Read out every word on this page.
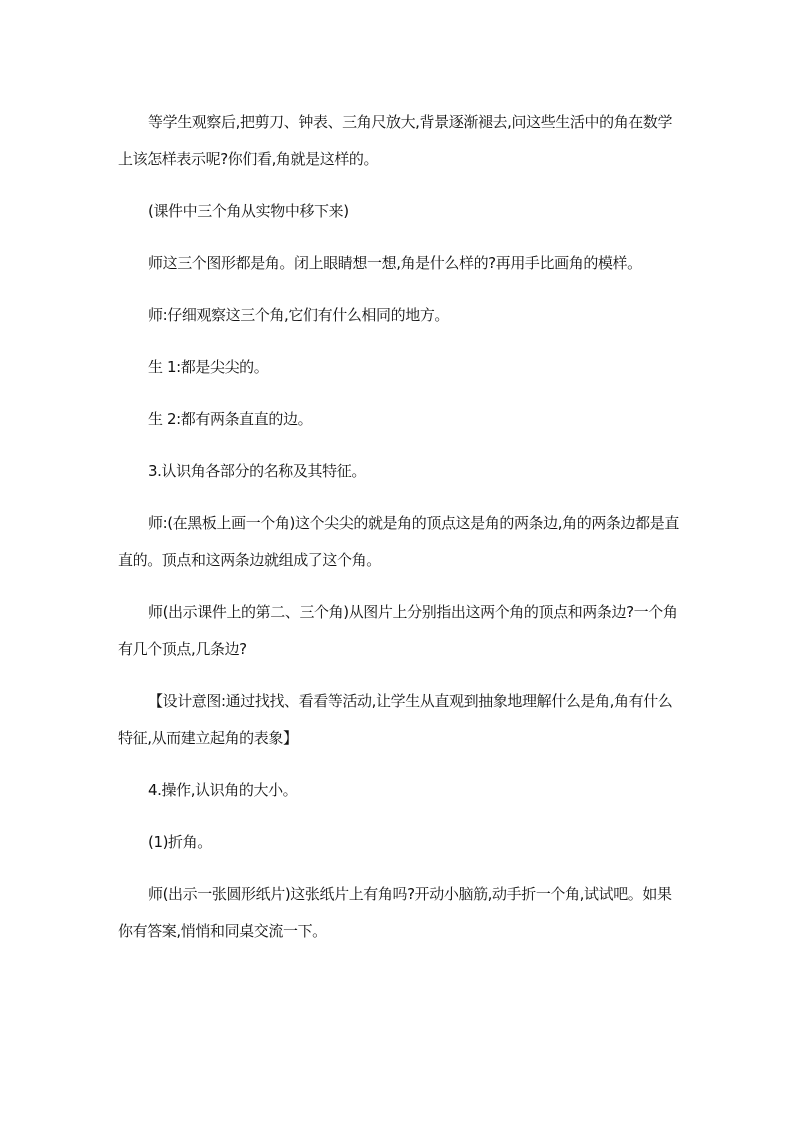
等学生观察后,把剪刀、钟表、三角尺放大,背景逐渐褪去,问这些生活中的角在数学上该怎样表示呢?你们看,角就是这样的。

(课件中三个角从实物中移下来)

师这三个图形都是角。闭上眼睛想一想,角是什么样的?再用手比画角的模样。

师:仔细观察这三个角,它们有什么相同的地方。

生 1:都是尖尖的。

生 2:都有两条直直的边。

3.认识角各部分的名称及其特征。

师:(在黑板上画一个角)这个尖尖的就是角的顶点这是角的两条边,角的两条边都是直直的。顶点和这两条边就组成了这个角。

师(出示课件上的第二、三个角)从图片上分别指出这两个角的顶点和两条边?一个角有几个顶点,几条边?

【设计意图:通过找找、看看等活动,让学生从直观到抽象地理解什么是角,角有什么特征,从而建立起角的表象】

4.操作,认识角的大小。

(1)折角。

师(出示一张圆形纸片)这张纸片上有角吗?开动小脑筋,动手折一个角,试试吧。如果你有答案,悄悄和同桌交流一下。
